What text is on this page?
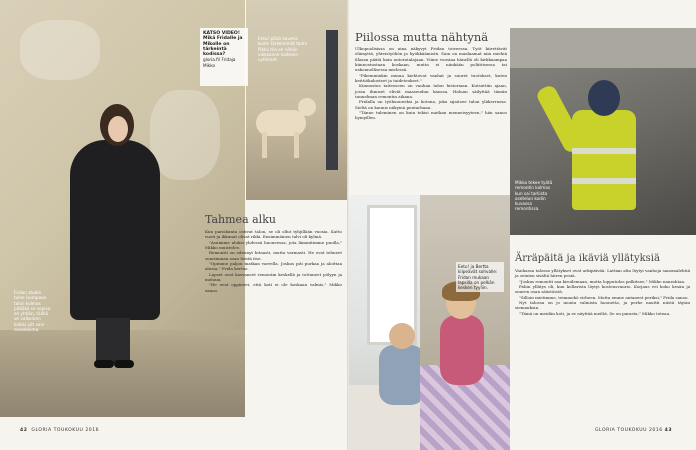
KATSO VIDEO! Mikä Fridalle ja Mikolle on tärkeintä kodissa?
gloria.fi/ Fridaja Mikko
Eetu! pitää kaveria kodin tärkeimmät taimi Pikku tila on vähän vaikeanne kaikkein uylitimet.
Fridan studio tulee isompaan talon kolmas pitääkö se sopiva on yhtiön, täällä on valkoinen kaikki yöt vain masekaima.
Mikko tekee työtä remontin kolmas kun sai tarkista asetelun kodin kuvassa remontissa.
Eetu! ja Bertta kiipeävät sohvalle: Fridan mukaan lapsilla on pelkän kesken tyyliin.
Piilossa mutta nähtynä
Tahmea alku
Ärräpäitä ja ikäviä yllätyksiä

Ulkopuolisissa on aina näkyvyt Fridan toiveessa. Työt kiirettävät elämyttä, yhteistyöhön ja hyökkäämistä. Sain on maalaamat niin miehiä illasan päätä kuin autoratalajaan. Viime vuosina hänellä oli kirkkaampaa kiinnostustaan koskaan, mutta ei niinkään poliittisessa tai uskonnollisessa mielessä.

"Pikemminkin minua kiehtovat vanhat ja suuret tuotokset, kuten keittiökalusteet ja taideteokset."

Kiinnostus taiteeseen on vanhan talon historiaan. Kutsuttiin ajaan, jossa ihmiset elivät maaseudun kanssa. Haluan säilyttää tämän tunnelman remontin aikana.

Fridalla on työhuoneeksi ja kotona, joka sijaitsee talon yläkerrassa. Sieltä on kaunis näkymä puutarhaan.

"Tänne tuleminen on kuin tekisi matkan menneisyyteen," hän sanoo hymyillen.

Kun pariskunta ostivat talon, se oli ollut tyhjillään vuosia. Katto vuoti ja ikkunat olivat rikki. Ensimmäinen talvi oli kylmä.

"Asuimme aluksi yhdessä huoneessa, jota lämmitimme puulla," Mikko muistelee.

Remontti on edennyt hitaasti, mutta varmasti. He ovat tehneet suurimman osan töistä itse.

"Opimme paljon matkan varrella. Joskus piti purkaa ja aloittaa alusta," Frida kertoo.

Lapset ovat kasvaneet remontin keskellä ja tottuneet pölyyn ja meluun.

"He ovat oppineet, että koti ei ole koskaan valmis," Mikko sanoo.

Vanhassa talossa yllätykset ovat arkipäivää. Lattian alta löytyi vanhoja sanomalehtiä ja seinien sisältä hiiren pesiä.

"Joskus remontti saa kiroilemaan, mutta lopputulos palkitsee," Mikko naurahtaa.

Pahin yllätys oli, kun kellarista löytyi kosteusvaurio. Korjaus vei koko kesän ja suuren osan säästöistä.

"Silloin mietimme, teimmekö virheen. Mutta emme antaneet periksi," Frida sanoo.

Nyt talossa on jo monta valmista huonetta, ja perhe nauttii niistä täysin siemauksin.

"Tämä on meidän koti, ja se näyttää meiltä. Se on parasta," Mikko toteaa.

42 GLORIA TOUKOKUU 2016	GLORIA TOUKOKUU 2016 43
